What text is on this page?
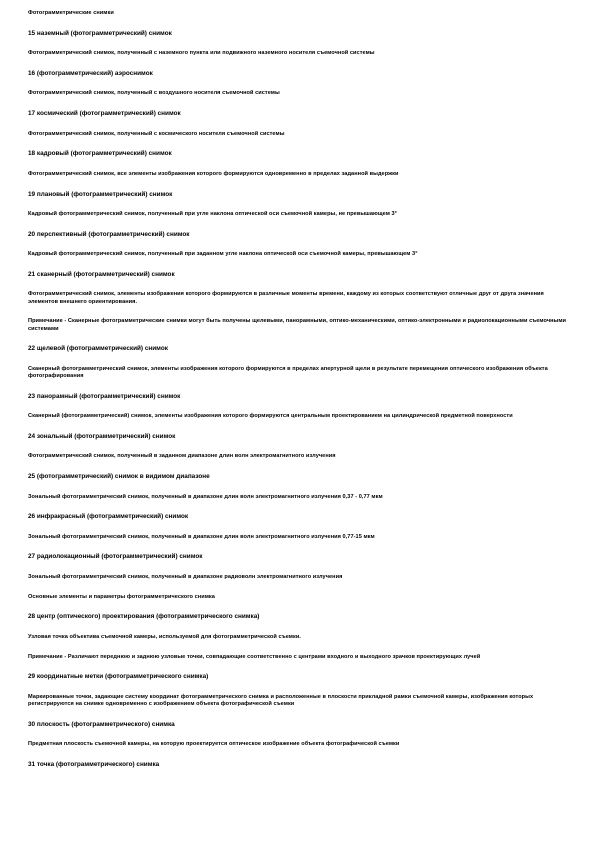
Фотограмметрические снимки

15 наземный (фотограмметрический) снимок

Фотограмметрический снимок, полученный с наземного пункта или подвижного наземного носителя съемочной системы

16 (фотограмметрический) аэроснимок

Фотограмметрический снимок, полученный с воздушного носителя съемочной системы

17 космический (фотограмметрический) снимок

Фотограмметрический снимок, полученный с космического носителя съемочной системы

18 кадровый (фотограмметрический) снимок

Фотограмметрический снимок, все элементы изображения которого формируются одновременно в пределах заданной выдержки

19 плановый (фотограмметрический) снимок

Кадровый фотограмметрический снимок, полученный при угле наклона оптической оси съемочной камеры, не превышающем 3°

20 перспективный (фотограмметрический) снимок

Кадровый фотограмметрический снимок, полученный при заданном угле наклона оптической оси съемочной камеры, превышающем 3°

21 сканерный (фотограмметрический) снимок

Фотограмметрический снимок, элементы изображения которого формируются в различные моменты времени, каждому из которых соответствуют отличные друг от друга значения элементов внешнего ориентирования.

Примечание - Сканерные фотограмметрические снимки могут быть получены щелевыми, панорамными, оптико-механическими, оптико-электронными и радиолокационными съемочными системами

22 щелевой (фотограмметрический) снимок

Сканерный фотограмметрический снимок, элементы изображения которого формируются в пределах апертурной щели в результате перемещения оптического изображения объекта фотографирования

23 панорамный (фотограмметрический) снимок

Сканерный (фотограмметрический) снимок, элементы изображения которого формируются центральным проектированием на цилиндрической предметной поверхности

24 зональный (фотограмметрический) снимок

Фотограмметрический снимок, полученный в заданном диапазоне длин волн электромагнитного излучения

25 (фотограмметрический) снимок в видимом диапазоне

Зональный фотограмметрический снимок, полученный в диапазоне длин волн электромагнитного излучения 0,37 - 0,77 мкм

26 инфракрасный (фотограмметрический) снимок

Зональный фотограмметрический снимок, полученный в диапазоне длин волн электромагнитного излучения 0,77-15 мкм

27 радиолокационный (фотограмметрический) снимок

Зональный фотограмметрический снимок, полученный в диапазоне радиоволн электромагнитного излучения

Основные элементы и параметры фотограмметрического снимка

28 центр (оптического) проектирования (фотограмметрического снимка)

Узловая точка объектива съемочной камеры, используемой для фотограмметрической съемки.

Примечание - Различают переднюю и заднюю узловые точки, совпадающие соответственно с центрами входного и выходного зрачков проектирующих лучей

29 координатные метки (фотограмметрического снимка)

Маркированные точки, задающие систему координат фотограмметрического снимка и расположенные в плоскости прикладной рамки съемочной камеры, изображения которых регистрируются на снимке одновременно с изображением объекта фотографической съемки

30 плоскость (фотограмметрического) снимка

Предметная плоскость съемочной камеры, на которую проектируется оптическое изображение объекта фотографической съемки

31 точка (фотограмметрического) снимка
